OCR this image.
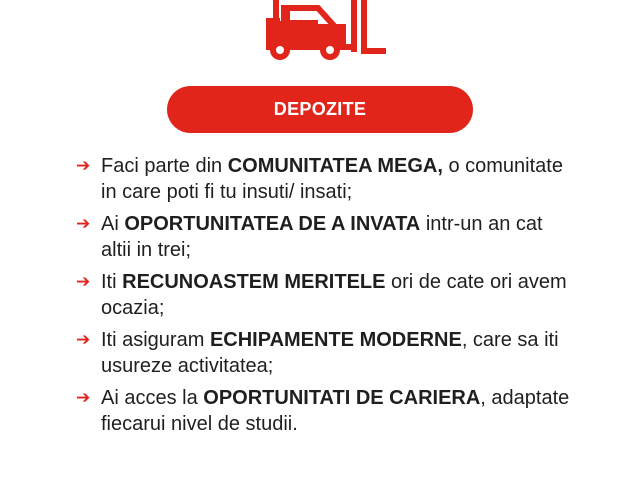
DEPOZITE
➔ Faci parte din COMUNITATEA MEGA, o comunitate in care poti fi tu insuti/ insati;
➔ Ai OPORTUNITATEA DE A INVATA intr-un an cat altii in trei;
➔ Iti RECUNOASTEM MERITELE ori de cate ori avem ocazia;
➔ Iti asiguram ECHIPAMENTE MODERNE, care sa iti usureze activitatea;
➔ Ai acces la OPORTUNITATI DE CARIERA, adaptate fiecarui nivel de studii.
